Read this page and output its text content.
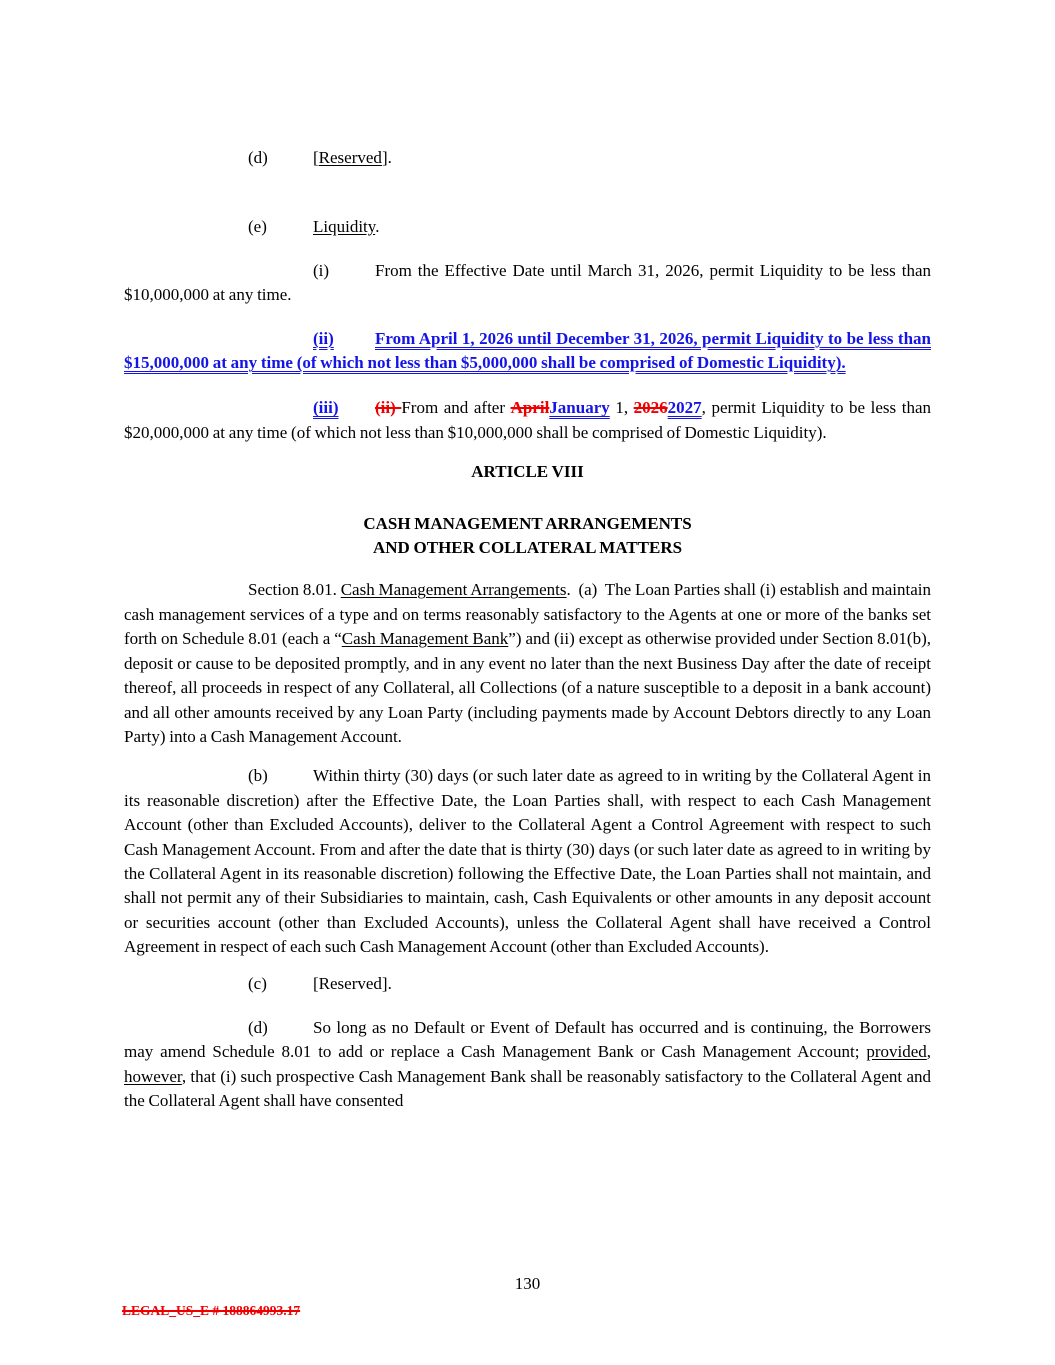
(d)	[Reserved].

(e)	Liquidity.

(i)	From the Effective Date until March 31, 2026, permit Liquidity to be less than $10,000,000 at any time.

(ii) From April 1, 2026 until December 31, 2026, permit Liquidity to be less than $15,000,000 at any time (of which not less than $5,000,000 shall be comprised of Domestic Liquidity).

(iii) (ii) From and after AprilJanuary 1, 20262027, permit Liquidity to be less than $20,000,000 at any time (of which not less than $10,000,000 shall be comprised of Domestic Liquidity).

ARTICLE VIII

CASH MANAGEMENT ARRANGEMENTS

AND OTHER COLLATERAL MATTERS

Section 8.01. Cash Management Arrangements.  (a)  The Loan Parties shall (i) establish and maintain cash management services of a type and on terms reasonably satisfactory to the Agents at one or more of the banks set forth on Schedule 8.01 (each a “Cash Management Bank”) and (ii) except as otherwise provided under Section 8.01(b), deposit or cause to be deposited promptly, and in any event no later than the next Business Day after the date of receipt thereof, all proceeds in respect of any Collateral, all Collections (of a nature susceptible to a deposit in a bank account) and all other amounts received by any Loan Party (including payments made by Account Debtors directly to any Loan Party) into a Cash Management Account.

(b)	Within thirty (30) days (or such later date as agreed to in writing by the Collateral Agent in its reasonable discretion) after the Effective Date, the Loan Parties shall, with respect to each Cash Management Account (other than Excluded Accounts), deliver to the Collateral Agent a Control Agreement with respect to such Cash Management Account. From and after the date that is thirty (30) days (or such later date as agreed to in writing by the Collateral Agent in its reasonable discretion) following the Effective Date, the Loan Parties shall not maintain, and shall not permit any of their Subsidiaries to maintain, cash, Cash Equivalents or other amounts in any deposit account or securities account (other than Excluded Accounts), unless the Collateral Agent shall have received a Control Agreement in respect of each such Cash Management Account (other than Excluded Accounts).

(c)	[Reserved].

(d)	So long as no Default or Event of Default has occurred and is continuing, the Borrowers may amend Schedule 8.01 to add or replace a Cash Management Bank or Cash Management Account; provided, however, that (i) such prospective Cash Management Bank shall be reasonably satisfactory to the Collateral Agent and the Collateral Agent shall have consented

130
LEGAL_US_E # 188864993.17
